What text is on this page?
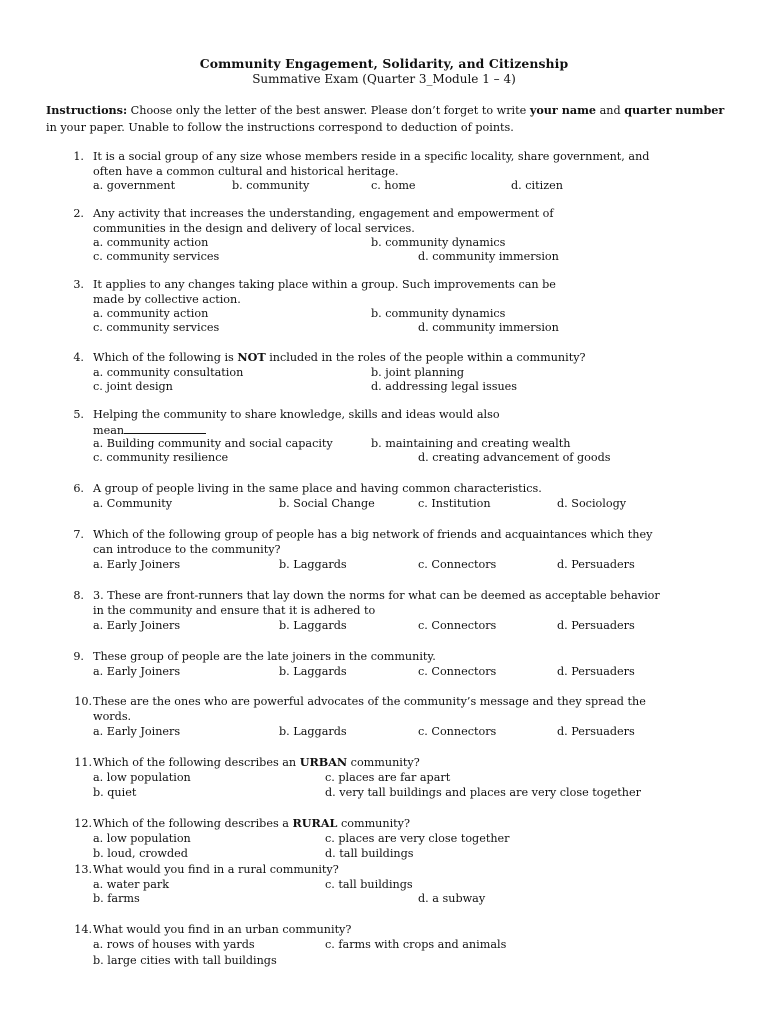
Community Engagement, Solidarity, and Citizenship
Summative Exam (Quarter 3_Module 1 – 4)
Instructions: Choose only the letter of the best answer. Please don’t forget to write your name and quarter number in your paper. Unable to follow the instructions correspond to deduction of points.
1. It is a social group of any size whose members reside in a specific locality, share government, and
often have a common cultural and historical heritage.
a. government	b. community	c. home	d. citizen
2. Any activity that increases the understanding, engagement and empowerment of
communities in the design and delivery of local services.
a. community action	b. community dynamics
c. community services	d. community immersion
3. It applies to any changes taking place within a group. Such improvements can be
made by collective action.
a. community action	b. community dynamics
c. community services	d. community immersion
4. Which of the following is NOT included in the roles of the people within a community?
a. community consultation	b. joint planning
c. joint design	d. addressing legal issues
5. Helping the community to share knowledge, skills and ideas would also
mean
a. Building community and social capacity	b. maintaining and creating wealth
c. community resilience	d. creating advancement of goods
6. A group of people living in the same place and having common characteristics.
a. Community	b. Social Change	c. Institution	d. Sociology
7. Which of the following group of people has a big network of friends and acquaintances which they
can introduce to the community?
a. Early Joiners	b. Laggards	c. Connectors	d. Persuaders
8. 3. These are front-runners that lay down the norms for what can be deemed as acceptable behavior
in the community and ensure that it is adhered to
a. Early Joiners	b. Laggards	c. Connectors	d. Persuaders
9. These group of people are the late joiners in the community.
a. Early Joiners	b. Laggards	c. Connectors	d. Persuaders
10. These are the ones who are powerful advocates of the community’s message and they spread the
words.
a. Early Joiners	b. Laggards	c. Connectors	d. Persuaders
11. Which of the following describes an URBAN community?
a. low population	c. places are far apart
b. quiet	d. very tall buildings and places are very close together
12. Which of the following describes a RURAL community?
a. low population	c. places are very close together
b. loud, crowded	d. tall buildings
13. What would you find in a rural community?
a. water park	c. tall buildings
b. farms	d. a subway
14. What would you find in an urban community?
a. rows of houses with yards	c. farms with crops and animals
b. large cities with tall buildings
